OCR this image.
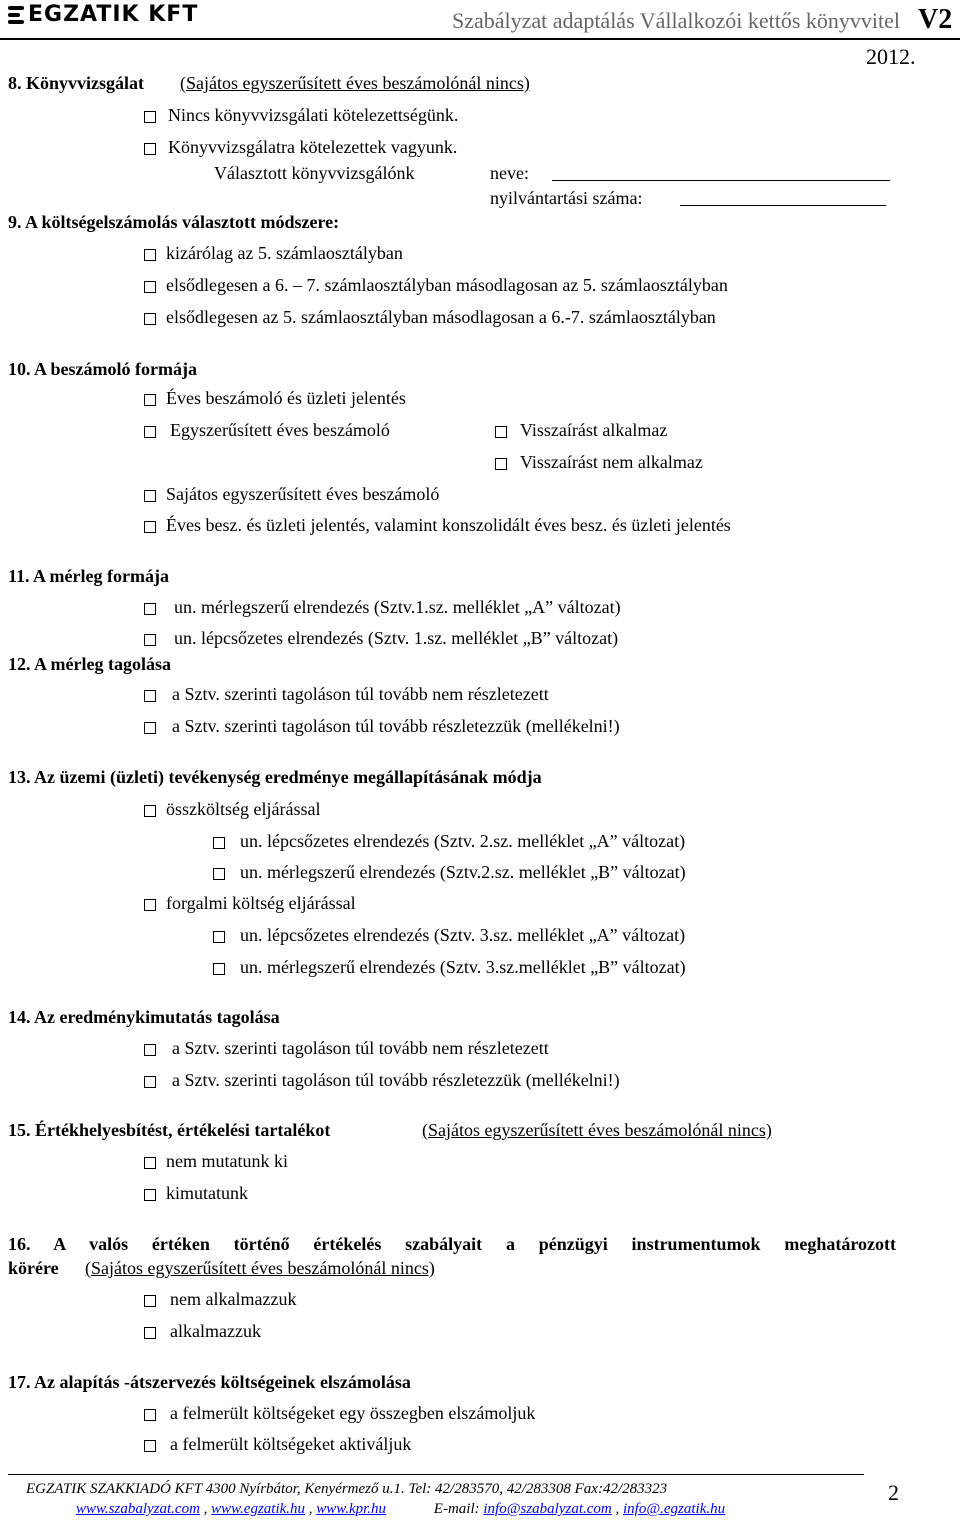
EGZATIK KFT	Szabályzat adaptálás Vállalkozói kettős könyvvitel V2
2012.
8. Könyvvizsgálat (Sajátos egyszerűsített éves beszámolónál nincs)
Nincs könyvvizsgálati kötelezettségünk.
Könyvvizsgálatra kötelezettek vagyunk.
Választott könyvvizsgálónk	neve:
nyilvántartási száma:
9. A költségelszámolás választott módszere:
kizárólag az 5. számlaosztályban
elsődlegesen a 6. – 7. számlaosztályban másodlagosan az 5. számlaosztályban
elsődlegesen az 5. számlaosztályban másodlagosan a 6.-7. számlaosztályban
10. A beszámoló formája
Éves beszámoló és üzleti jelentés
Egyszerűsített éves beszámoló	Visszaírást alkalmaz
Visszaírást nem alkalmaz
Sajátos egyszerűsített éves beszámoló
Éves besz. és üzleti jelentés, valamint konszolidált éves besz. és üzleti jelentés
11. A mérleg formája
un. mérlegszerű elrendezés (Sztv.1.sz. melléklet „A” változat)
un. lépcsőzetes elrendezés (Sztv. 1.sz. melléklet „B” változat)
12. A mérleg tagolása
a Sztv. szerinti tagoláson túl tovább nem részletezett
a Sztv. szerinti tagoláson túl tovább részletezzük (mellékelni!)
13. Az üzemi (üzleti) tevékenység eredménye megállapításának módja
összköltség eljárással
un. lépcsőzetes elrendezés (Sztv. 2.sz. melléklet „A” változat)
un. mérlegszerű elrendezés (Sztv.2.sz. melléklet „B” változat)
forgalmi költség eljárással
un. lépcsőzetes elrendezés (Sztv. 3.sz. melléklet „A” változat)
un. mérlegszerű elrendezés (Sztv. 3.sz.melléklet „B” változat)
14. Az eredménykimutatás tagolása
a Sztv. szerinti tagoláson túl tovább nem részletezett
a Sztv. szerinti tagoláson túl tovább részletezzük (mellékelni!)
15. Értékhelyesbítést, értékelési tartalékot	(Sajátos egyszerűsített éves beszámolónál nincs)
nem mutatunk ki
kimutatunk
16. A valós értéken történő értékelés szabályait a pénzügyi instrumentumok meghatározott
körére (Sajátos egyszerűsített éves beszámolónál nincs)
nem alkalmazzuk
alkalmazzuk
17. Az alapítás -átszervezés költségeinek elszámolása
a felmerült költségeket egy összegben elszámoljuk
a felmerült költségeket aktiváljuk
EGZATIK SZAKKIADÓ KFT 4300 Nyírbátor, Kenyérmező u.1. Tel: 42/283570, 42/283308 Fax:42/283323
www.szabalyzat.com , www.egzatik.hu , www.kpr.hu	E-mail: info@szabalyzat.com , info@.egzatik.hu
2
